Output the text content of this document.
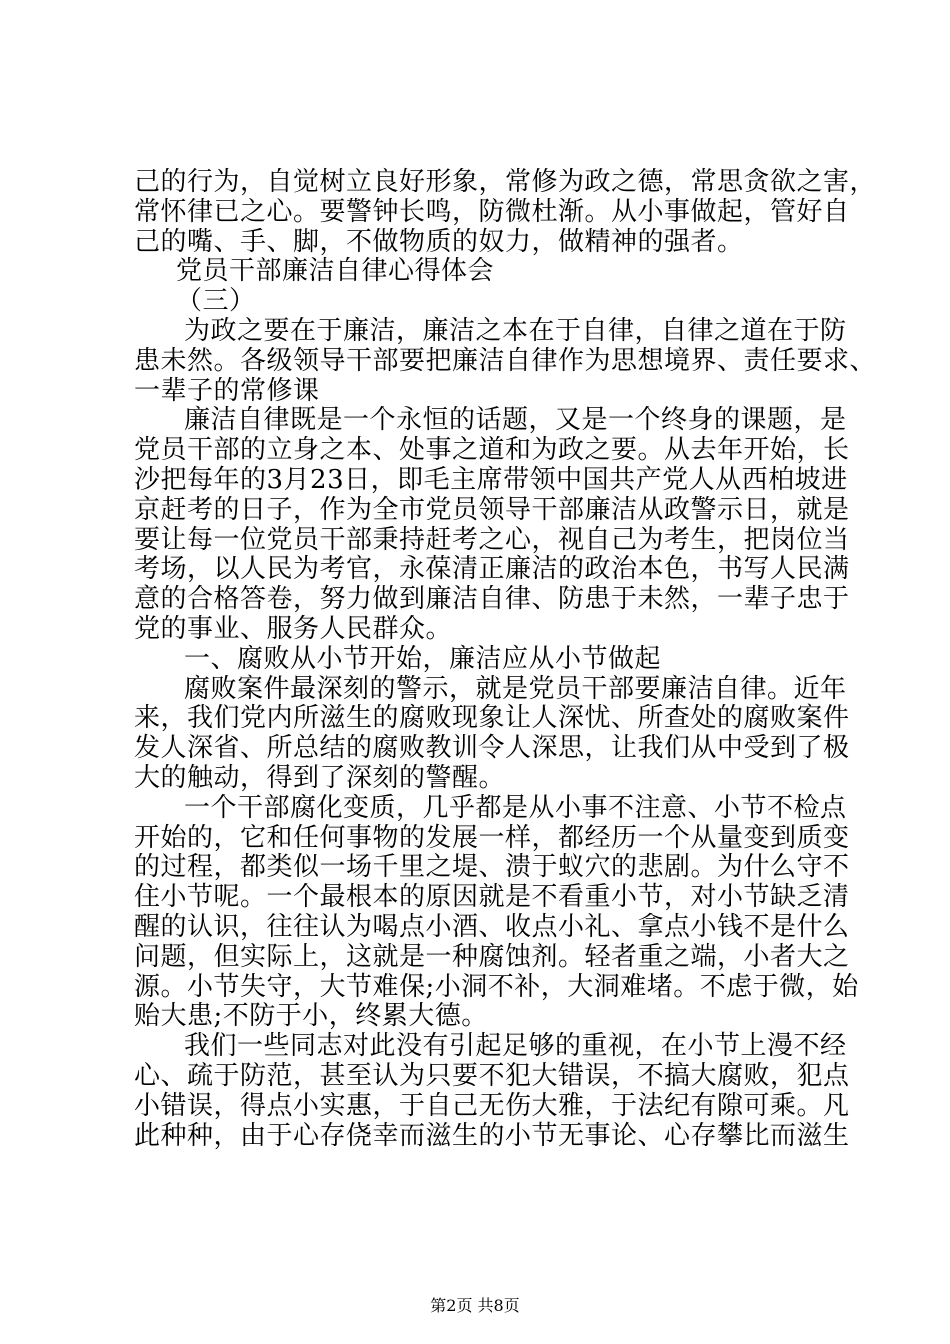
己的行为，自觉树立良好形象，常修为政之德，常思贪欲之害，
常怀律已之心。要警钟长鸣，防微杜渐。从小事做起，管好自
己的嘴、手、脚，不做物质的奴力，做精神的强者。
党员干部廉洁自律心得体会
（三）
为政之要在于廉洁，廉洁之本在于自律，自律之道在于防
患未然。各级领导干部要把廉洁自律作为思想境界、责任要求、
一辈子的常修课
廉洁自律既是一个永恒的话题，又是一个终身的课题，是
党员干部的立身之本、处事之道和为政之要。从去年开始，长
沙把每年的3月23日，即毛主席带领中国共产党人从西柏坡进
京赶考的日子，作为全市党员领导干部廉洁从政警示日，就是
要让每一位党员干部秉持赶考之心，视自己为考生，把岗位当
考场，以人民为考官，永葆清正廉洁的政治本色，书写人民满
意的合格答卷，努力做到廉洁自律、防患于未然，一辈子忠于
党的事业、服务人民群众。
一、腐败从小节开始，廉洁应从小节做起
腐败案件最深刻的警示，就是党员干部要廉洁自律。近年
来，我们党内所滋生的腐败现象让人深忧、所查处的腐败案件
发人深省、所总结的腐败教训令人深思，让我们从中受到了极
大的触动，得到了深刻的警醒。
一个干部腐化变质，几乎都是从小事不注意、小节不检点
开始的，它和任何事物的发展一样，都经历一个从量变到质变
的过程，都类似一场千里之堤、溃于蚁穴的悲剧。为什么守不
住小节呢。一个最根本的原因就是不看重小节，对小节缺乏清
醒的认识，往往认为喝点小酒、收点小礼、拿点小钱不是什么
问题，但实际上，这就是一种腐蚀剂。轻者重之端，小者大之
源。小节失守，大节难保;小洞不补，大洞难堵。不虑于微，始
贻大患;不防于小，终累大德。
我们一些同志对此没有引起足够的重视，在小节上漫不经
心、疏于防范，甚至认为只要不犯大错误，不搞大腐败，犯点
小错误，得点小实惠，于自己无伤大雅，于法纪有隙可乘。凡
此种种，由于心存侥幸而滋生的小节无事论、心存攀比而滋生
第2页 共8页
